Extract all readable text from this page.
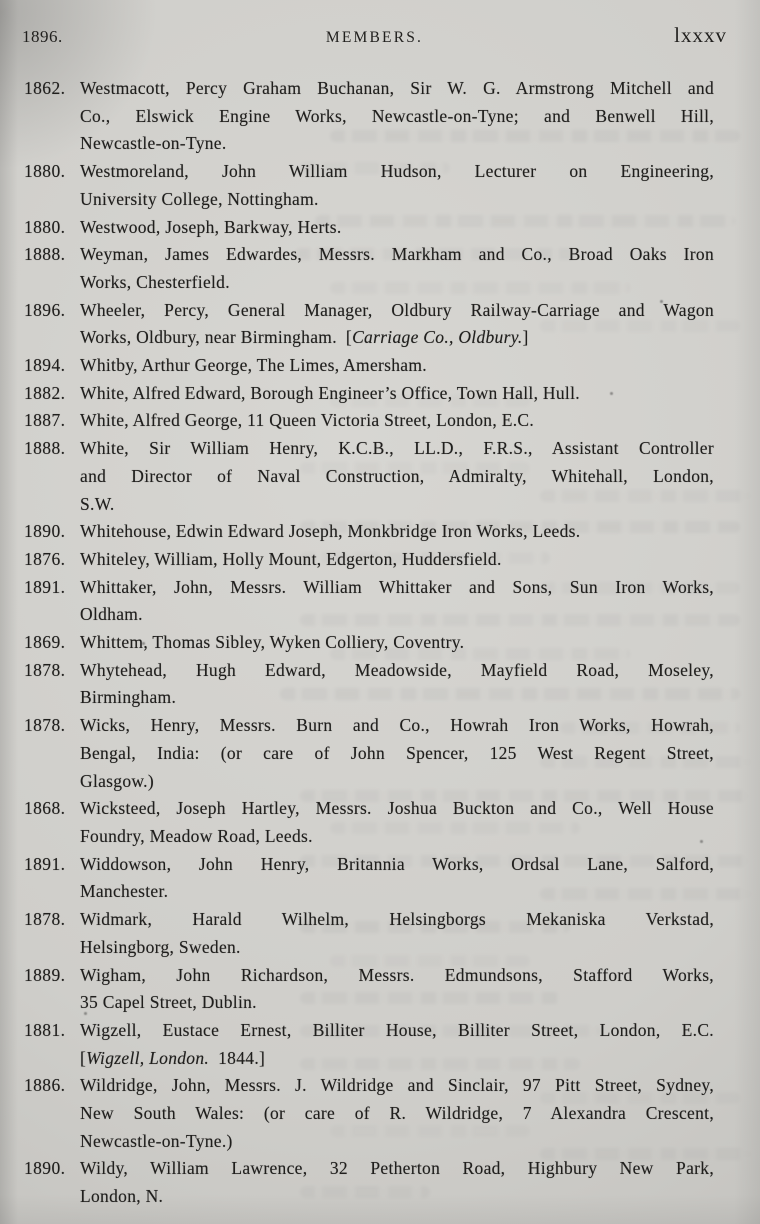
1896.	MEMBERS.	lxxxv
1862. Westmacott, Percy Graham Buchanan, Sir W. G. Armstrong Mitchell and
Co., Elswick Engine Works, Newcastle-on-Tyne; and Benwell Hill,
Newcastle-on-Tyne.
1880. Westmoreland, John William Hudson, Lecturer on Engineering,
University College, Nottingham.
1880. Westwood, Joseph, Barkway, Herts.
1888. Weyman, James Edwardes, Messrs. Markham and Co., Broad Oaks Iron
Works, Chesterfield.
1896. Wheeler, Percy, General Manager, Oldbury Railway-Carriage and Wagon
Works, Oldbury, near Birmingham. [Carriage Co., Oldbury.]
1894. Whitby, Arthur George, The Limes, Amersham.
1882. White, Alfred Edward, Borough Engineer’s Office, Town Hall, Hull.
1887. White, Alfred George, 11 Queen Victoria Street, London, E.C.
1888. White, Sir William Henry, K.C.B., LL.D., F.R.S., Assistant Controller
and Director of Naval Construction, Admiralty, Whitehall, London,
S.W.
1890. Whitehouse, Edwin Edward Joseph, Monkbridge Iron Works, Leeds.
1876. Whiteley, William, Holly Mount, Edgerton, Huddersfield.
1891. Whittaker, John, Messrs. William Whittaker and Sons, Sun Iron Works,
Oldham.
1869. Whittem, Thomas Sibley, Wyken Colliery, Coventry.
1878. Whytehead, Hugh Edward, Meadowside, Mayfield Road, Moseley,
Birmingham.
1878. Wicks, Henry, Messrs. Burn and Co., Howrah Iron Works, Howrah,
Bengal, India: (or care of John Spencer, 125 West Regent Street,
Glasgow.)
1868. Wicksteed, Joseph Hartley, Messrs. Joshua Buckton and Co., Well House
Foundry, Meadow Road, Leeds.
1891. Widdowson, John Henry, Britannia Works, Ordsal Lane, Salford,
Manchester.
1878. Widmark, Harald Wilhelm, Helsingborgs Mekaniska Verkstad,
Helsingborg, Sweden.
1889. Wigham, John Richardson, Messrs. Edmundsons, Stafford Works,
35 Capel Street, Dublin.
1881. Wigzell, Eustace Ernest, Billiter House, Billiter Street, London, E.C.
[Wigzell, London. 1844.]
1886. Wildridge, John, Messrs. J. Wildridge and Sinclair, 97 Pitt Street, Sydney,
New South Wales: (or care of R. Wildridge, 7 Alexandra Crescent,
Newcastle-on-Tyne.)
1890. Wildy, William Lawrence, 32 Petherton Road, Highbury New Park,
London, N.
